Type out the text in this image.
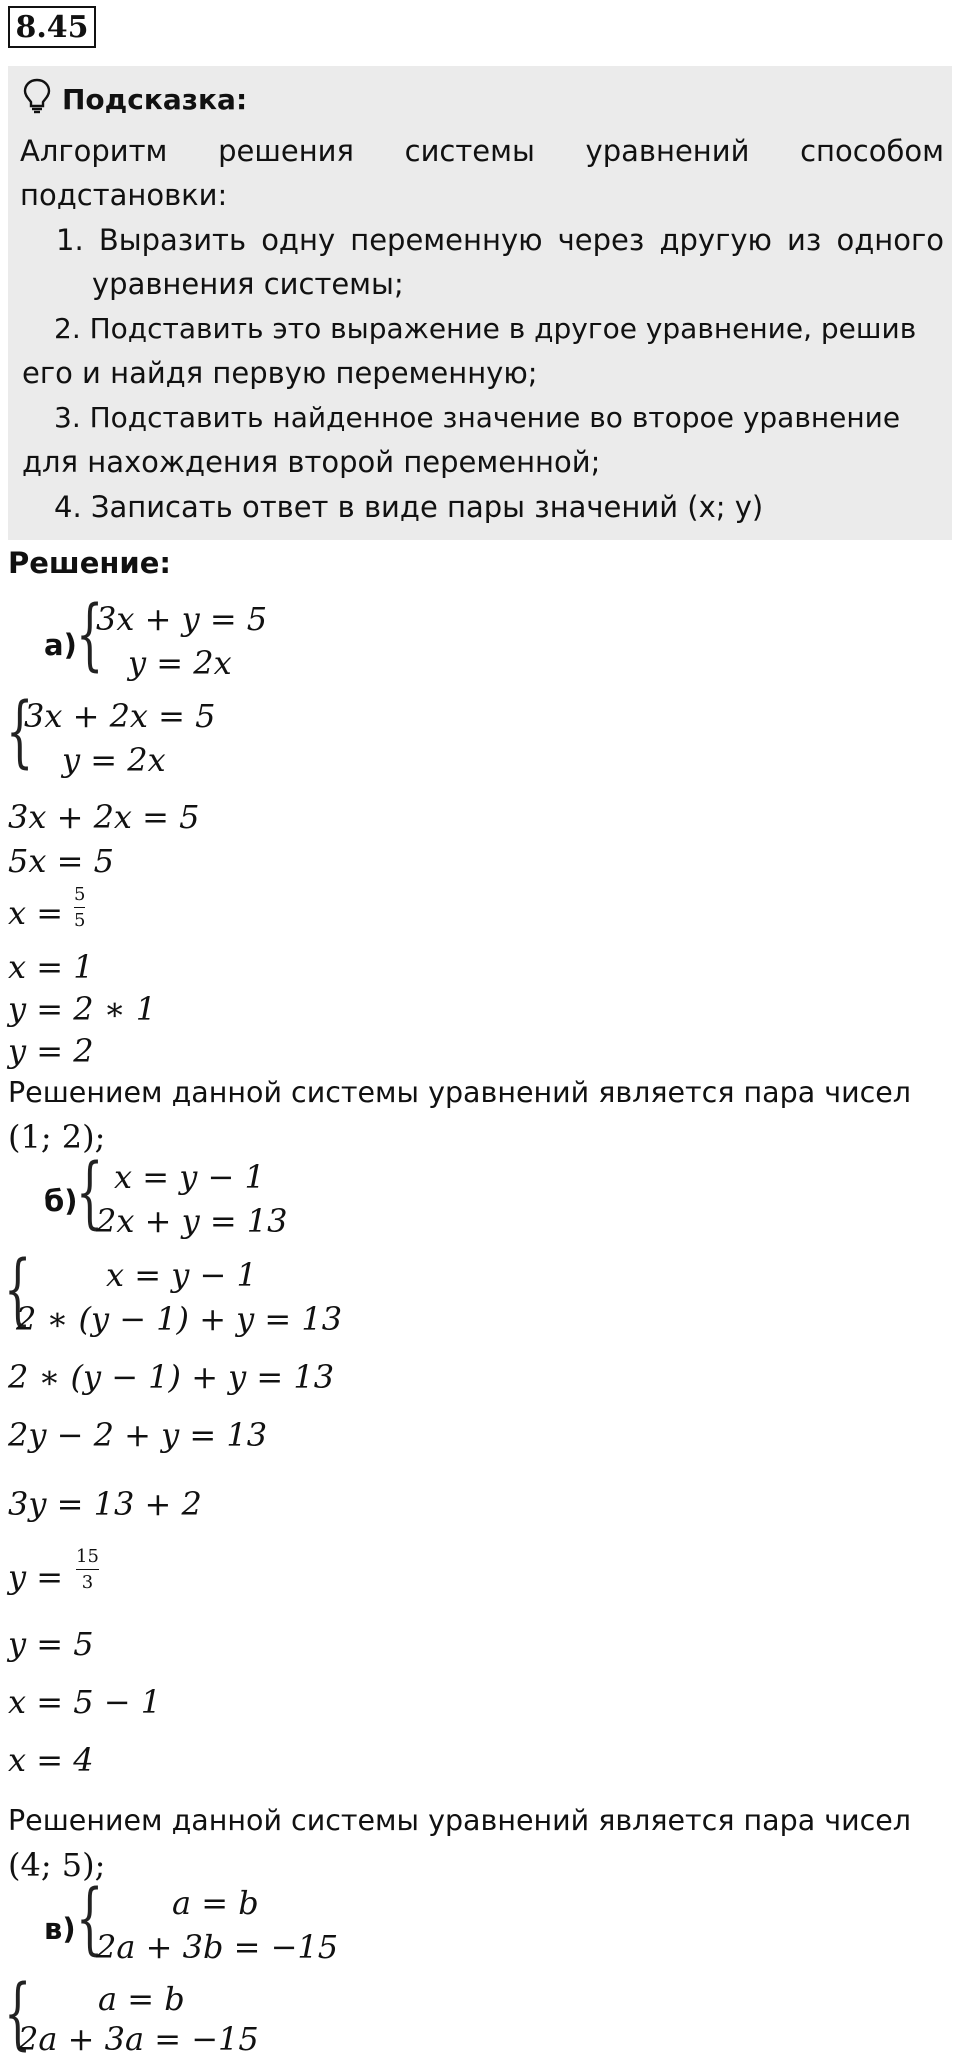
8.45
Подсказка:
Алгоритм решения системы уравнений способом
подстановки:
1. Выразить одну переменную через другую из одного
уравнения системы;
2. Подставить это выражение в другое уравнение, решив
его и найдя первую переменную;
3. Подставить найденное значение во второе уравнение
для нахождения второй переменной;
4. Записать ответ в виде пары значений (x; y)
Решение:
а) {
3x + y = 5
y = 2x
{
3x + 2x = 5
y = 2x
3x + 2x = 5
5x = 5
x = 5
5
x = 1
y = 2 ∗ 1
y = 2
Решением данной системы уравнений является пара чисел
(1; 2);
б)
{ x = y − 1
2x + y = 13
{ x = y − 1
2 ∗ (y − 1) + y = 13
2 ∗ (y − 1) + y = 13
2y − 2 + y = 13
3y = 13 + 2
y =
15
3
y = 5
x = 5 − 1
x = 4
Решением данной системы уравнений является пара чисел
(4; 5);
в) { a = b
2a + 3b = −15
{ a = b
2a + 3a = −15
